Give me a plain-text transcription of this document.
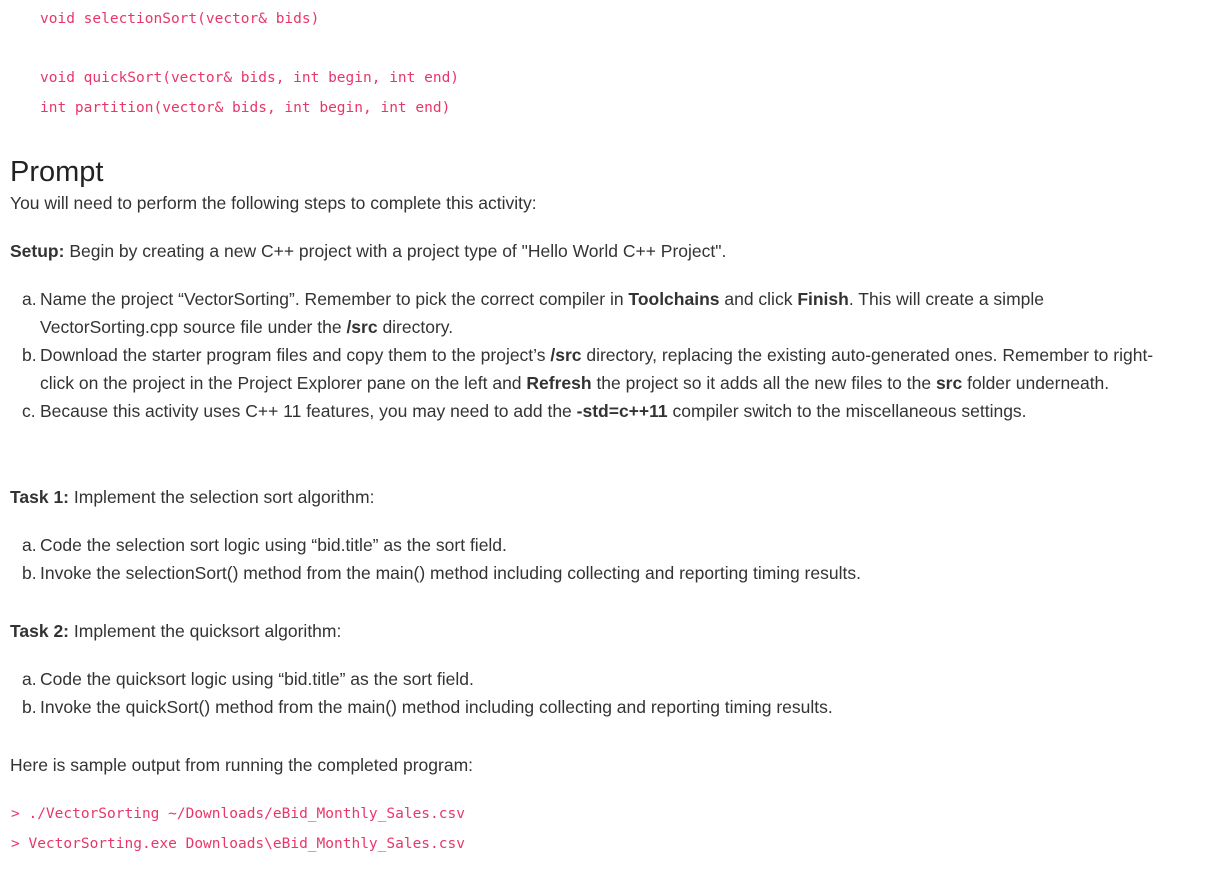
void selectionSort(vector& bids)
void quickSort(vector& bids, int begin, int end)
int partition(vector& bids, int begin, int end)
Prompt
You will need to perform the following steps to complete this activity:
Setup: Begin by creating a new C++ project with a project type of "Hello World C++ Project".
a. Name the project “VectorSorting”. Remember to pick the correct compiler in Toolchains and click Finish. This will create a simple VectorSorting.cpp source file under the /src directory.
b. Download the starter program files and copy them to the project’s /src directory, replacing the existing auto-generated ones. Remember to right-click on the project in the Project Explorer pane on the left and Refresh the project so it adds all the new files to the src folder underneath.
c. Because this activity uses C++ 11 features, you may need to add the -std=c++11 compiler switch to the miscellaneous settings.
Task 1: Implement the selection sort algorithm:
a. Code the selection sort logic using “bid.title” as the sort field.
b. Invoke the selectionSort() method from the main() method including collecting and reporting timing results.
Task 2: Implement the quicksort algorithm:
a. Code the quicksort logic using “bid.title” as the sort field.
b. Invoke the quickSort() method from the main() method including collecting and reporting timing results.
Here is sample output from running the completed program:
> ./VectorSorting ~/Downloads/eBid_Monthly_Sales.csv
> VectorSorting.exe Downloads\eBid_Monthly_Sales.csv
